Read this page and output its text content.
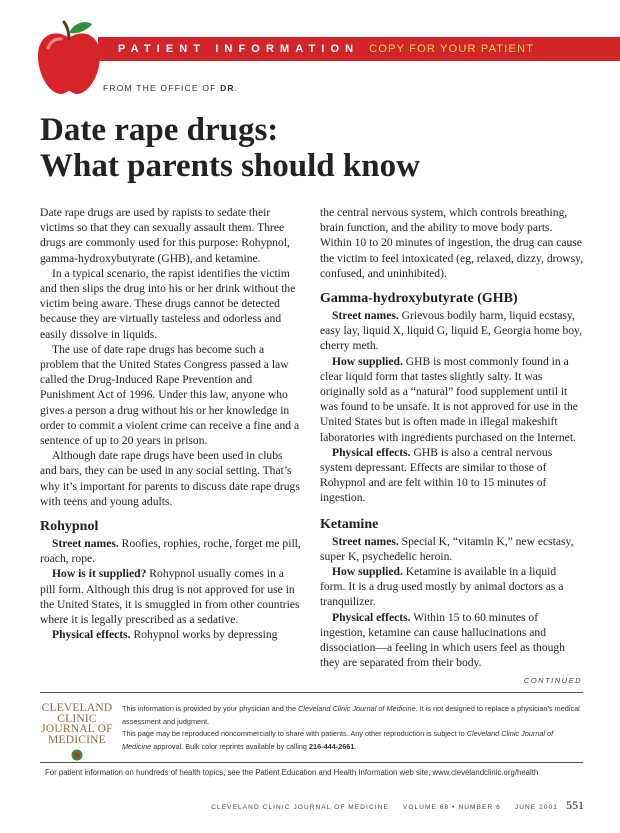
PATIENT INFORMATION COPY FOR YOUR PATIENT
FROM THE OFFICE OF DR.
Date rape drugs:
What parents should know

Date rape drugs are used by rapists to sedate their victims so that they can sexually assault them. Three drugs are commonly used for this purpose: Rohypnol, gamma-hydroxybutyrate (GHB), and ketamine.

In a typical scenario, the rapist identifies the victim and then slips the drug into his or her drink without the victim being aware. These drugs cannot be detected because they are virtually tasteless and odorless and easily dissolve in liquids.

The use of date rape drugs has become such a problem that the United States Congress passed a law called the Drug-Induced Rape Prevention and Punishment Act of 1996. Under this law, anyone who gives a person a drug without his or her knowledge in order to commit a violent crime can receive a fine and a sentence of up to 20 years in prison.

Although date rape drugs have been used in clubs and bars, they can be used in any social setting. That’s why it’s important for parents to discuss date rape drugs with teens and young adults.

Rohypnol

Street names. Roofies, rophies, roche, forget me pill, roach, rope.

How is it supplied? Rohypnol usually comes in a pill form. Although this drug is not approved for use in the United States, it is smuggled in from other countries where it is legally prescribed as a sedative.

Physical effects. Rohypnol works by depressing

the central nervous system, which controls breathing, brain function, and the ability to move body parts. Within 10 to 20 minutes of ingestion, the drug can cause the victim to feel intoxicated (eg, relaxed, dizzy, drowsy, confused, and uninhibited).

Gamma-hydroxybutyrate (GHB)

Street names. Grievous bodily harm, liquid ecstasy, easy lay, liquid X, liquid G, liquid E, Georgia home boy, cherry meth.

How supplied. GHB is most commonly found in a clear liquid form that tastes slightly salty. It was originally sold as a “natural” food supplement until it was found to be unsafe. It is not approved for use in the United States but is often made in illegal makeshift laboratories with ingredients purchased on the Internet.

Physical effects. GHB is also a central nervous system depressant. Effects are similar to those of Rohypnol and are felt within 10 to 15 minutes of ingestion.

Ketamine

Street names. Special K, “vitamin K,” new ecstasy, super K, psychedelic heroin.

How supplied. Ketamine is available in a liquid form. It is a drug used mostly by animal doctors as a tranquilizer.

Physical effects. Within 15 to 60 minutes of ingestion, ketamine can cause hallucinations and dissociation—a feeling in which users feel as though they are separated from their body.

CONTINUED
CLEVELAND
CLINIC
JOURNAL OF
MEDICINE

This information is provided by your physician and the Cleveland Clinic Journal of Medicine. It is not designed to replace a physician’s medical assessment and judgment.

This page may be reproduced noncommercially to share with patients. Any other reproduction is subject to Cleveland Clinic Journal of Medicine approval. Bulk color reprints available by calling 216-444-2661.

For patient information on hundreds of health topics, see the Patient Education and Health Information web site, www.clevelandclinic.org/health
CLEVELAND CLINIC JOURNAL OF MEDICINE VOLUME 68 • NUMBER 6 JUNE 2001 551
